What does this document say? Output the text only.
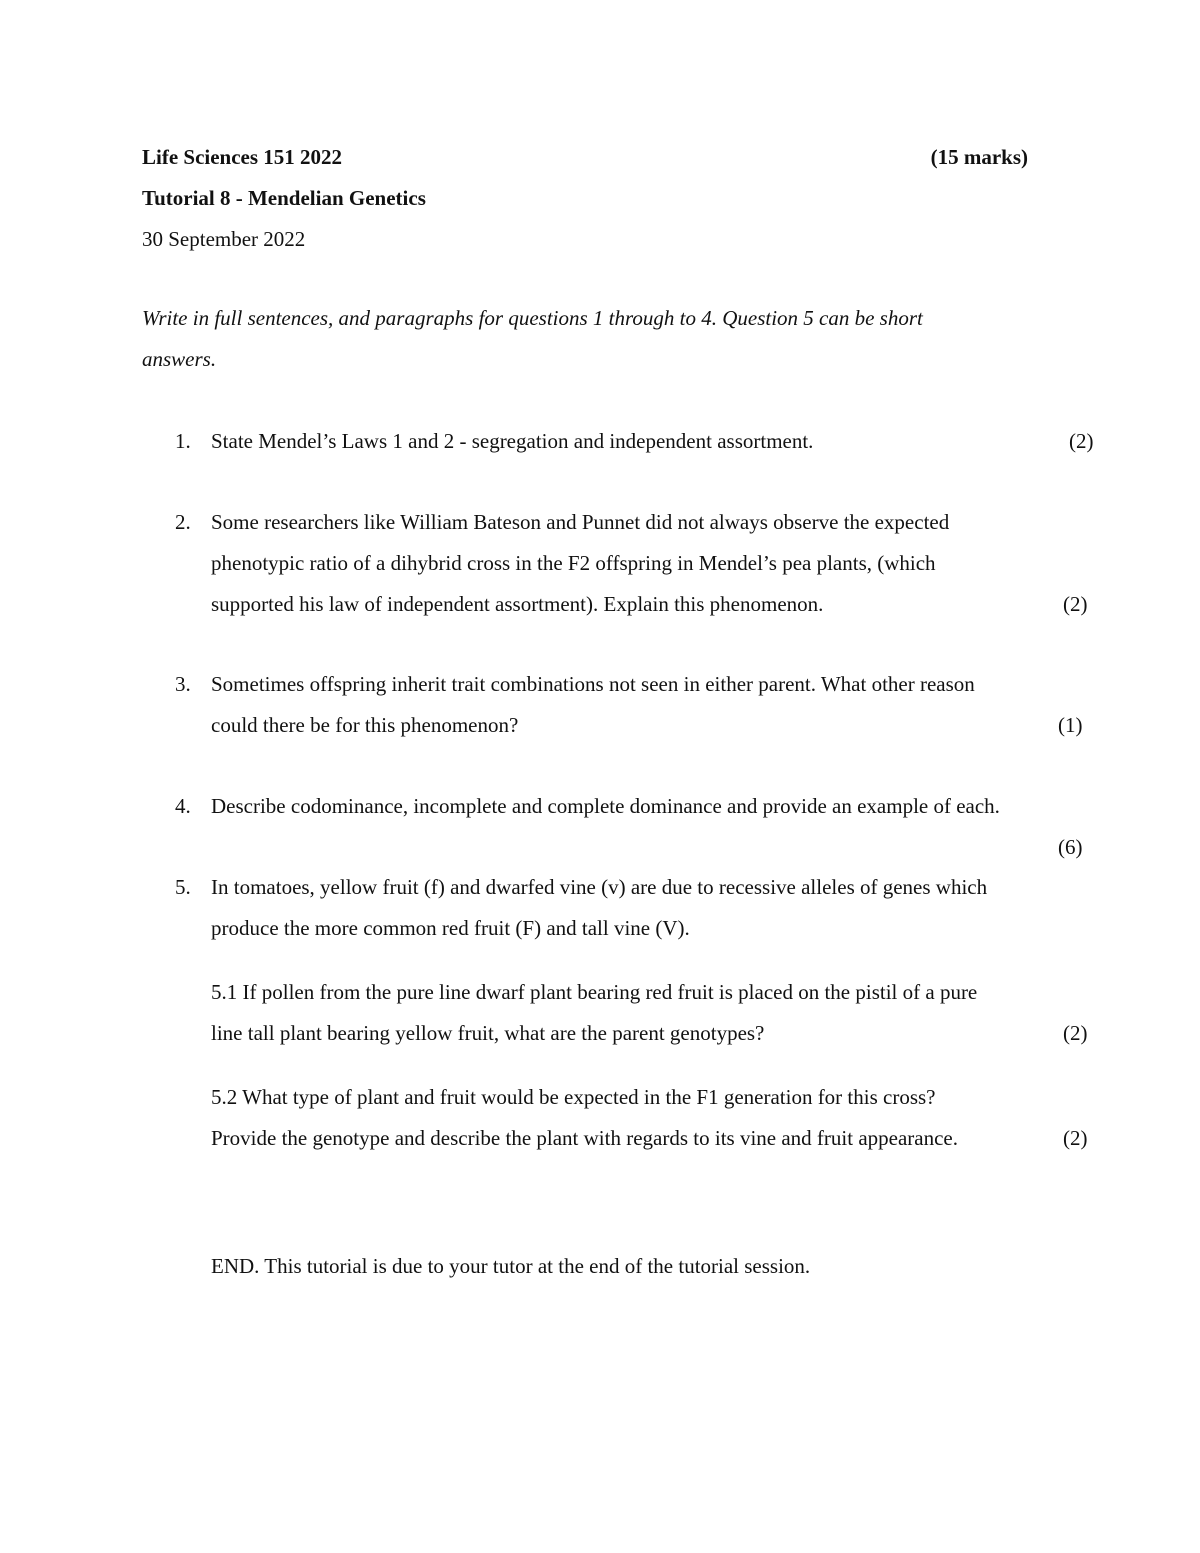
Life Sciences 151 2022	(15 marks)
Tutorial 8 - Mendelian Genetics
30 September 2022
Write in full sentences, and paragraphs for questions 1 through to 4. Question 5 can be short
answers.
1. State Mendel’s Laws 1 and 2 - segregation and independent assortment.	(2)
2. Some researchers like William Bateson and Punnet did not always observe the expected
phenotypic ratio of a dihybrid cross in the F2 offspring in Mendel’s pea plants, (which
supported his law of independent assortment). Explain this phenomenon.	(2)
3. Sometimes offspring inherit trait combinations not seen in either parent. What other reason
could there be for this phenomenon?	(1)
4. Describe codominance, incomplete and complete dominance and provide an example of each.
(6)
5. In tomatoes, yellow fruit (f) and dwarfed vine (v) are due to recessive alleles of genes which
produce the more common red fruit (F) and tall vine (V).
5.1 If pollen from the pure line dwarf plant bearing red fruit is placed on the pistil of a pure
line tall plant bearing yellow fruit, what are the parent genotypes?	(2)
5.2 What type of plant and fruit would be expected in the F1 generation for this cross?
Provide the genotype and describe the plant with regards to its vine and fruit appearance.	(2)
END. This tutorial is due to your tutor at the end of the tutorial session.
